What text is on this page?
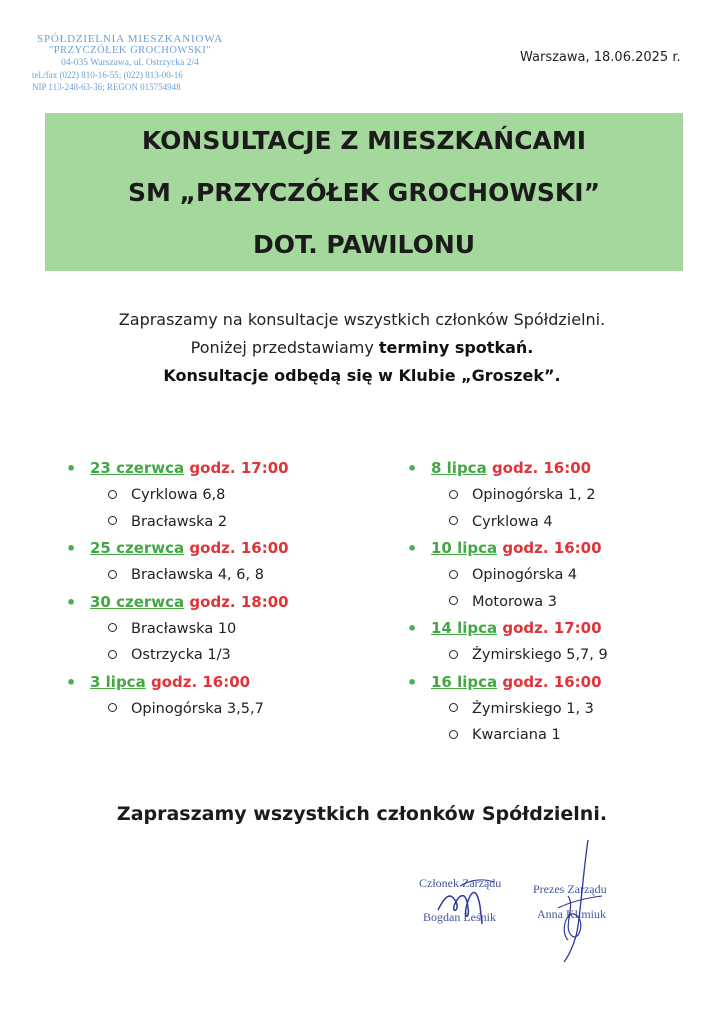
SPÓŁDZIELNIA MIESZKANIOWA
"PRZYCZÓŁEK GROCHOWSKI"
04-035 Warszawa, ul. Ostrzycka 2/4
tel./fax (022) 810-16-55; (022) 813-00-16
NIP 113-248-63-36; REGON 015754948
Warszawa, 18.06.2025 r.
KONSULTACJE Z MIESZKAŃCAMI
SM „PRZYCZÓŁEK GROCHOWSKI”
DOT. PAWILONU
Zapraszamy na konsultacje wszystkich członków Spółdzielni.
Poniżej przedstawiamy terminy spotkań.
Konsultacje odbędą się w Klubie „Groszek”.
• 23 czerwca godz. 17:00
Cyrklowa 6,8
Bracławska 2
• 25 czerwca godz. 16:00
Bracławska 4, 6, 8
• 30 czerwca godz. 18:00
Bracławska 10
Ostrzycka 1/3
• 3 lipca godz. 16:00
Opinogórska 3,5,7
• 8 lipca godz. 16:00
Opinogórska 1, 2
Cyrklowa 4
• 10 lipca godz. 16:00
Opinogórska 4
Motorowa 3
• 14 lipca godz. 17:00
Żymirskiego 5,7, 9
• 16 lipca godz. 16:00
Żymirskiego 1, 3
Kwarciana 1
Zapraszamy wszystkich członków Spółdzielni.
Członek Zarządu
Bogdan Leśnik
Prezes Zarządu
Anna Klimiuk
